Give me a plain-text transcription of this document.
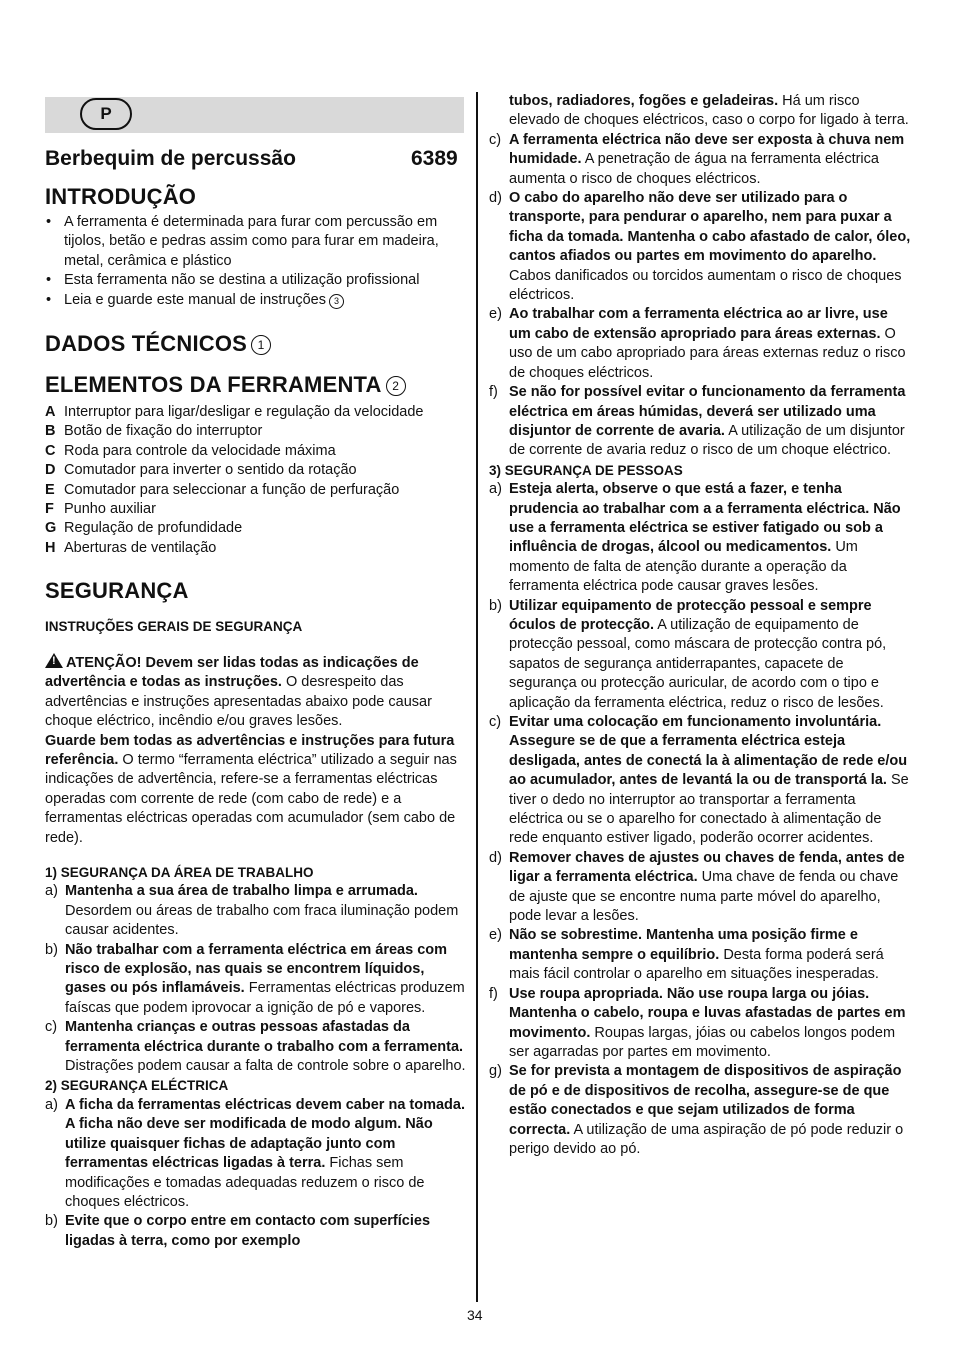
P
Berbequim de percussão	6389
INTRODUÇÃO
• A ferramenta é determinada para furar com percussão em tijolos, betão e pedras assim como para furar em madeira, metal, cerâmica e plástico
• Esta ferramenta não se destina a utilização profissional
• Leia e guarde este manual de instruções 3
DADOS TÉCNICOS 1
ELEMENTOS DA FERRAMENTA 2
A Interruptor para ligar/desligar e regulação da velocidade
B Botão de fixação do interruptor
C Roda para controle da velocidade máxima
D Comutador para inverter o sentido da rotação
E Comutador para seleccionar a função de perfuração
F Punho auxiliar
G Regulação de profundidade
H Aberturas de ventilação
SEGURANÇA
INSTRUÇÕES GERAIS DE SEGURANÇA

!ATENÇÃO! Devem ser lidas todas as indicações de advertência e todas as instruções. O desrespeito das advertências e instruções apresentadas abaixo pode causar choque eléctrico, incêndio e/ou graves lesões.

Guarde bem todas as advertências e instruções para futura referência. O termo “ferramenta eléctrica” utilizado a seguir nas indicações de advertência, refere-se a ferramentas eléctricas operadas com corrente de rede (com cabo de rede) e a ferramentas eléctricas operadas com acumulador (sem cabo de rede).

1) SEGURANÇA DA ÁREA DE TRABALHO
a) Mantenha a sua área de trabalho limpa e arrumada. Desordem ou áreas de trabalho com fraca iluminação podem causar acidentes.
b) Não trabalhar com a ferramenta eléctrica em áreas com risco de explosão, nas quais se encontrem líquidos, gases ou pós inflamáveis. Ferramentas eléctricas produzem faíscas que podem iprovocar a ignição de pó e vapores.
c) Mantenha crianças e outras pessoas afastadas da ferramenta eléctrica durante o trabalho com a ferramenta. Distrações podem causar a falta de controle sobre o aparelho.
2) SEGURANÇA ELÉCTRICA
a) A ficha da ferramentas eléctricas devem caber na tomada. A ficha não deve ser modificada de modo algum. Não utilize quaisquer fichas de adaptação junto com ferramentas eléctricas ligadas à terra. Fichas sem modificações e tomadas adequadas reduzem o risco de choques eléctricos.
b) Evite que o corpo entre em contacto com superfícies ligadas à terra, como por exemplo
tubos, radiadores, fogões e geladeiras. Há um risco elevado de choques eléctricos, caso o corpo for ligado à terra.
c) A ferramenta eléctrica não deve ser exposta à chuva nem humidade. A penetração de água na ferramenta eléctrica aumenta o risco de choques eléctricos.
d) O cabo do aparelho não deve ser utilizado para o transporte, para pendurar o aparelho, nem para puxar a ficha da tomada. Mantenha o cabo afastado de calor, óleo, cantos afiados ou partes em movimento do aparelho. Cabos danificados ou torcidos aumentam o risco de choques eléctricos.
e) Ao trabalhar com a ferramenta eléctrica ao ar livre, use um cabo de extensão apropriado para áreas externas. O uso de um cabo apropriado para áreas externas reduz o risco de choques eléctricos.
f) Se não for possível evitar o funcionamento da ferramenta eléctrica em áreas húmidas, deverá ser utilizado uma disjuntor de corrente de avaria. A utilização de um disjuntor de corrente de avaria reduz o risco de um choque eléctrico.
3) SEGURANÇA DE PESSOAS
a) Esteja alerta, observe o que está a fazer, e tenha prudencia ao trabalhar com a a ferramenta eléctrica. Não use a ferramenta eléctrica se estiver fatigado ou sob a influência de drogas, álcool ou medicamentos. Um momento de falta de atenção durante a operação da ferramenta eléctrica pode causar graves lesões.
b) Utilizar equipamento de protecção pessoal e sempre óculos de protecção. A utilização de equipamento de protecção pessoal, como máscara de protecção contra pó, sapatos de segurança antiderrapantes, capacete de segurança ou protecção auricular, de acordo com o tipo e aplicação da ferramenta eléctrica, reduz o risco de lesões.
c) Evitar uma colocação em funcionamento involuntária. Assegure se de que a ferramenta eléctrica esteja desligada, antes de conectá la à alimentação de rede e/ou ao acumulador, antes de levantá la ou de transportá la. Se tiver o dedo no interruptor ao transportar a ferramenta eléctrica ou se o aparelho for conectado à alimentação de rede enquanto estiver ligado, poderão ocorrer acidentes.
d) Remover chaves de ajustes ou chaves de fenda, antes de ligar a ferramenta eléctrica. Uma chave de fenda ou chave de ajuste que se encontre numa parte móvel do aparelho, pode levar a lesões.
e) Não se sobrestime. Mantenha uma posição firme e mantenha sempre o equilíbrio. Desta forma poderá será mais fácil controlar o aparelho em situações inesperadas.
f) Use roupa apropriada. Não use roupa larga ou jóias. Mantenha o cabelo, roupa e luvas afastadas de partes em movimento. Roupas largas, jóias ou cabelos longos podem ser agarradas por partes em movimento.
g) Se for prevista a montagem de dispositivos de aspiração de pó e de dispositivos de recolha, assegure-se de que estão conectados e que sejam utilizados de forma correcta. A utilização de uma aspiração de pó pode reduzir o perigo devido ao pó.
34
